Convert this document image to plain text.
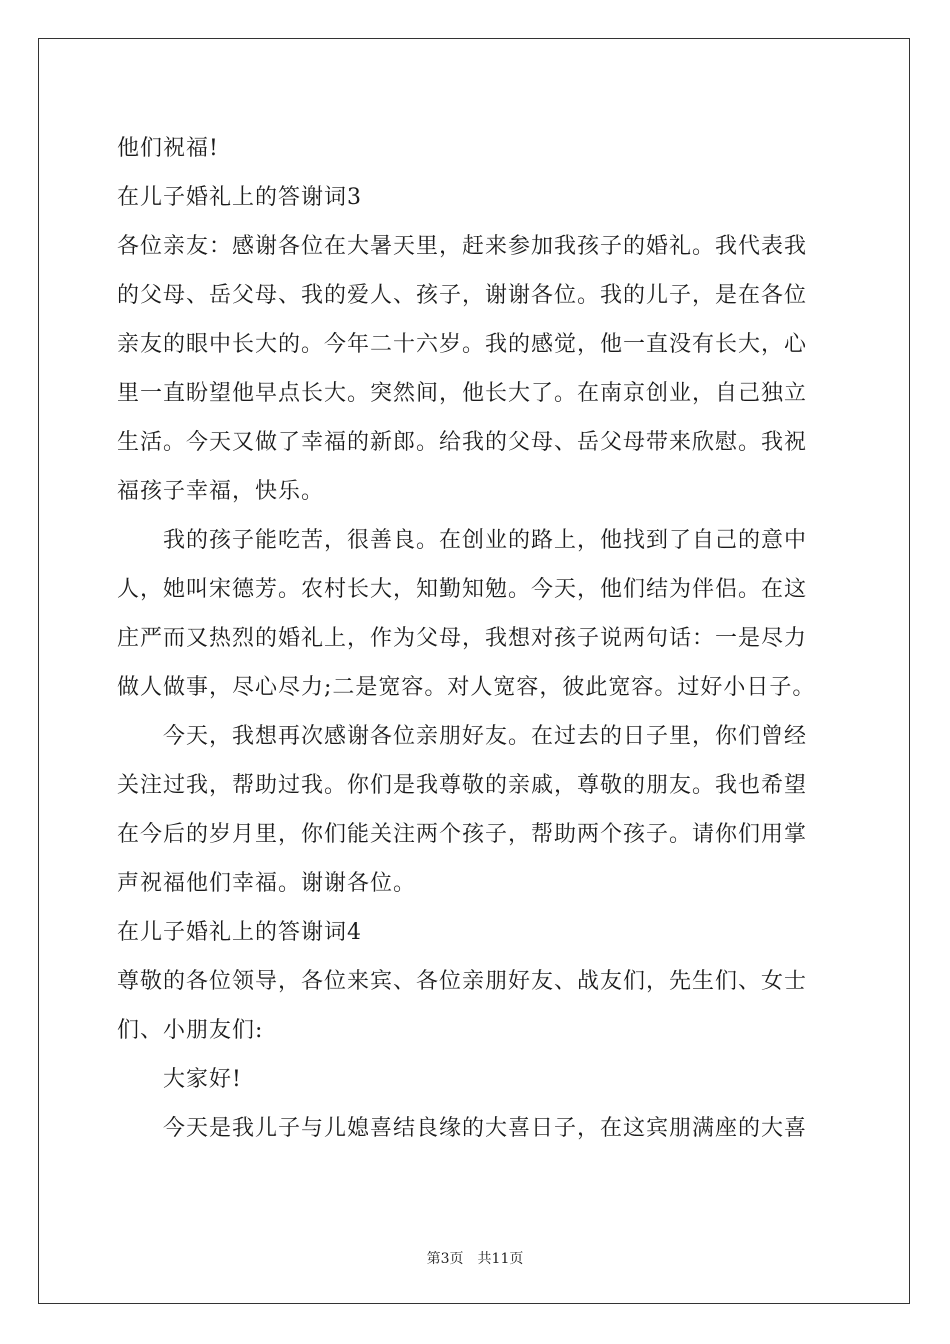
他们祝福!
在儿子婚礼上的答谢词3
各位亲友：感谢各位在大暑天里，赶来参加我孩子的婚礼。我代表我
的父母、岳父母、我的爱人、孩子，谢谢各位。我的儿子，是在各位
亲友的眼中长大的。今年二十六岁。我的感觉，他一直没有长大，心
里一直盼望他早点长大。突然间，他长大了。在南京创业，自己独立
生活。今天又做了幸福的新郎。给我的父母、岳父母带来欣慰。我祝
福孩子幸福，快乐。
我的孩子能吃苦，很善良。在创业的路上，他找到了自己的意中
人，她叫宋德芳。农村长大，知勤知勉。今天，他们结为伴侣。在这
庄严而又热烈的婚礼上，作为父母，我想对孩子说两句话：一是尽力
做人做事，尽心尽力;二是宽容。对人宽容，彼此宽容。过好小日子。
今天，我想再次感谢各位亲朋好友。在过去的日子里，你们曾经
关注过我，帮助过我。你们是我尊敬的亲戚，尊敬的朋友。我也希望
在今后的岁月里，你们能关注两个孩子，帮助两个孩子。请你们用掌
声祝福他们幸福。谢谢各位。
在儿子婚礼上的答谢词4
尊敬的各位领导，各位来宾、各位亲朋好友、战友们，先生们、女士
们、小朋友们:
大家好!
今天是我儿子与儿媳喜结良缘的大喜日子，在这宾朋满座的大喜
第3页 共11页
